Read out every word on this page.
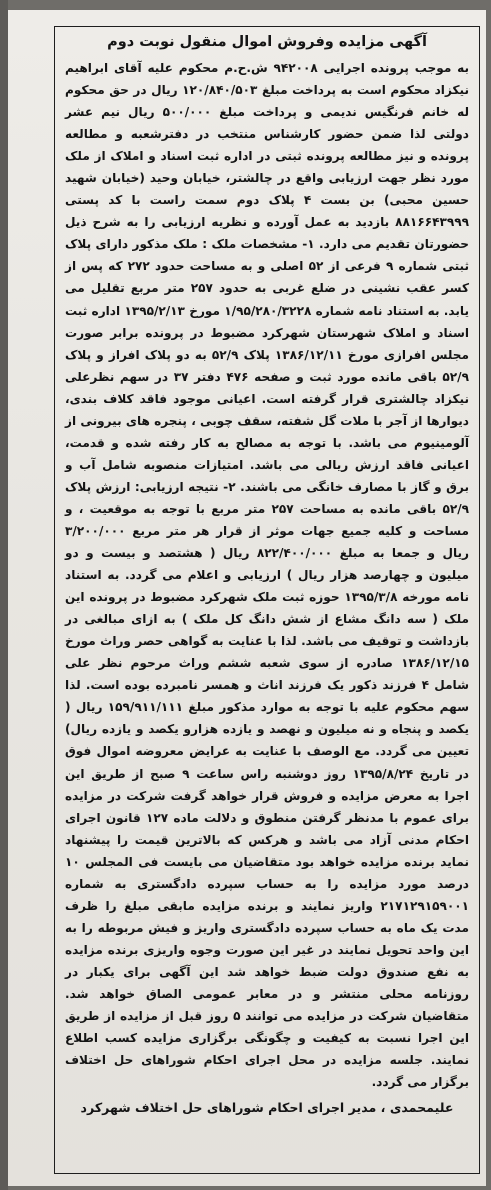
آگهی مزایده وفروش اموال منقول نوبت دوم

به موجب پرونده اجرایی ۹۴۲۰۰۸ ش.ح.م محکوم علیه آقای ابراهیم نیکزاد محکوم است به پرداخت مبلغ ۱۲۰/۸۴۰/۵۰۳ ریال در حق محکوم له خانم فرنگیس ندیمی و پرداخت مبلغ ۵۰۰/۰۰۰ ریال نیم عشر دولتی لذا ضمن حضور کارشناس منتخب در دفترشعبه و مطالعه پرونده و نیز مطالعه پرونده ثبتی در اداره ثبت اسناد و املاک از ملک مورد نظر جهت ارزیابی واقع در چالشتر، خیابان وحید (خیابان شهید حسین محبی) بن بست ۴ پلاک دوم سمت راست با کد پستی ۸۸۱۶۶۴۳۹۹۹ بازدید به عمل آورده و نظریه ارزیابی را به شرح ذیل حضورتان تقدیم می دارد. ۱- مشخصات ملک : ملک مذکور دارای پلاک ثبتی شماره ۹ فرعی از ۵۲ اصلی و به مساحت حدود ۲۷۲ که پس از کسر عقب نشینی در ضلع غربی به حدود ۲۵۷ متر مربع تقلیل می یابد. به استناد نامه شماره ۱/۹۵/۲۸۰/۳۲۲۸ مورخ ۱۳۹۵/۲/۱۳ اداره ثبت اسناد و املاک شهرستان شهرکرد مضبوط در پرونده برابر صورت مجلس افرازی مورخ ۱۳۸۶/۱۲/۱۱ پلاک ۵۲/۹ به دو پلاک افراز و پلاک ۵۲/۹ باقی مانده مورد ثبت و صفحه ۴۷۶ دفتر ۳۷ در سهم نظرعلی نیکزاد چالشتری قرار گرفته است. اعیانی موجود فاقد کلاف بندی، دیوارها از آجر با ملات گل شفته، سقف چوبی ، پنجره های بیرونی از آلومینیوم می باشد. با توجه به مصالح به کار رفته شده و قدمت، اعیانی فاقد ارزش ریالی می باشد. امتیازات منصوبه شامل آب و برق و گاز با مصارف خانگی می باشند. ۲- نتیجه ارزیابی: ارزش پلاک ۵۲/۹ باقی مانده به مساحت ۲۵۷ متر مربع با توجه به موقعیت ، و مساحت و کلیه جمیع جهات موثر از قرار هر متر مربع ۳/۲۰۰/۰۰۰ ریال و جمعا به مبلغ ۸۲۲/۴۰۰/۰۰۰ ریال ( هشتصد و بیست و دو میلیون و چهارصد هزار ریال ) ارزیابی و اعلام می گردد. به استناد نامه مورخه ۱۳۹۵/۳/۸ حوزه ثبت ملک شهرکرد مضبوط در پرونده این ملک ( سه دانگ مشاع از شش دانگ کل ملک ) به ازای مبالغی در بازداشت و توقیف می باشد. لذا با عنایت به گواهی حصر وراث مورخ ۱۳۸۶/۱۲/۱۵ صادره از سوی شعبه ششم وراث مرحوم نظر علی شامل ۴ فرزند ذکور یک فرزند اناث و همسر نامبرده بوده است. لذا سهم محکوم علیه با توجه به موارد مذکور مبلغ ۱۵۹/۹۱۱/۱۱۱ ریال ( یکصد و پنجاه و نه میلیون و نهصد و یازده هزارو یکصد و یازده ریال) تعیین می گردد. مع الوصف با عنایت به عرایض معروضه اموال فوق در تاریخ ۱۳۹۵/۸/۲۴ روز دوشنبه راس ساعت ۹ صبح از طریق این اجرا به معرض مزایده و فروش قرار خواهد گرفت شرکت در مزایده برای عموم با مدنظر گرفتن منطوق و دلالت ماده ۱۲۷ قانون اجرای احکام مدنی آزاد می باشد و هرکس که بالاترین قیمت را پیشنهاد نماید برنده مزایده خواهد بود متقاضیان می بایست فی المجلس ۱۰ درصد مورد مزایده را به حساب سپرده دادگستری به شماره ۲۱۷۱۲۹۱۵۹۰۰۱ واریز نمایند و برنده مزایده مابقی مبلغ را ظرف مدت یک ماه به حساب سپرده دادگستری واریز و فیش مربوطه را به این واحد تحویل نمایند در غیر این صورت وجوه واریزی برنده مزایده به نفع صندوق دولت ضبط خواهد شد این آگهی برای یکبار در روزنامه محلی منتشر و در معابر عمومی الصاق خواهد شد. متقاضیان شرکت در مزایده می توانند ۵ روز قبل از مزایده از طریق این اجرا نسبت به کیفیت و چگونگی برگزاری مزایده کسب اطلاع نمایند. جلسه مزایده در محل اجرای احکام شوراهای حل اختلاف برگزار می گردد.

علیمحمدی ، مدیر اجرای احکام شوراهای حل اختلاف شهرکرد
